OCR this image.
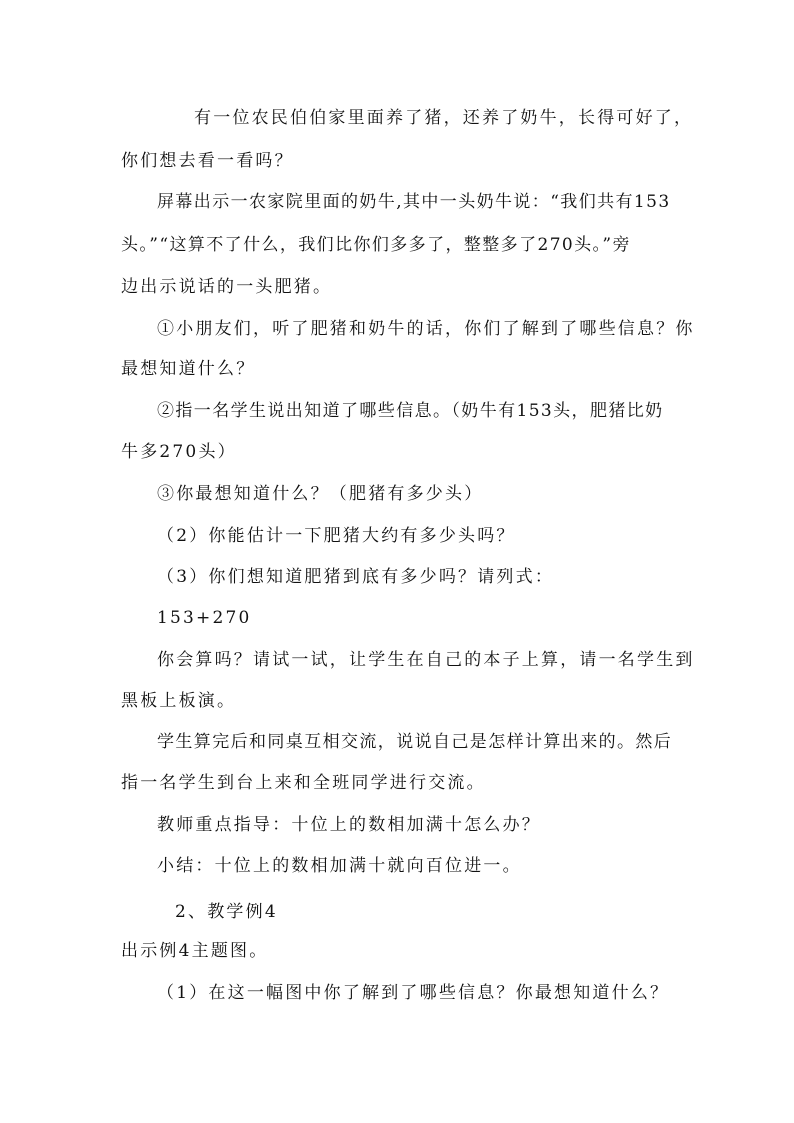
有一位农民伯伯家里面养了猪，还养了奶牛，长得可好了，
你们想去看一看吗？
屏幕出示一农家院里面的奶牛,其中一头奶牛说：“我们共有153
头。”“这算不了什么，我们比你们多多了，整整多了270头。”旁
边出示说话的一头肥猪。
①小朋友们，听了肥猪和奶牛的话，你们了解到了哪些信息？你
最想知道什么？
②指一名学生说出知道了哪些信息。（奶牛有153头，肥猪比奶
牛多270头）
③你最想知道什么？（肥猪有多少头）
（2）你能估计一下肥猪大约有多少头吗？
（3）你们想知道肥猪到底有多少吗？请列式：
153+270
你会算吗？请试一试，让学生在自己的本子上算，请一名学生到
黑板上板演。
学生算完后和同桌互相交流，说说自己是怎样计算出来的。然后
指一名学生到台上来和全班同学进行交流。
教师重点指导：十位上的数相加满十怎么办？
小结：十位上的数相加满十就向百位进一。
2、教学例4
出示例4主题图。
（1）在这一幅图中你了解到了哪些信息？你最想知道什么？
